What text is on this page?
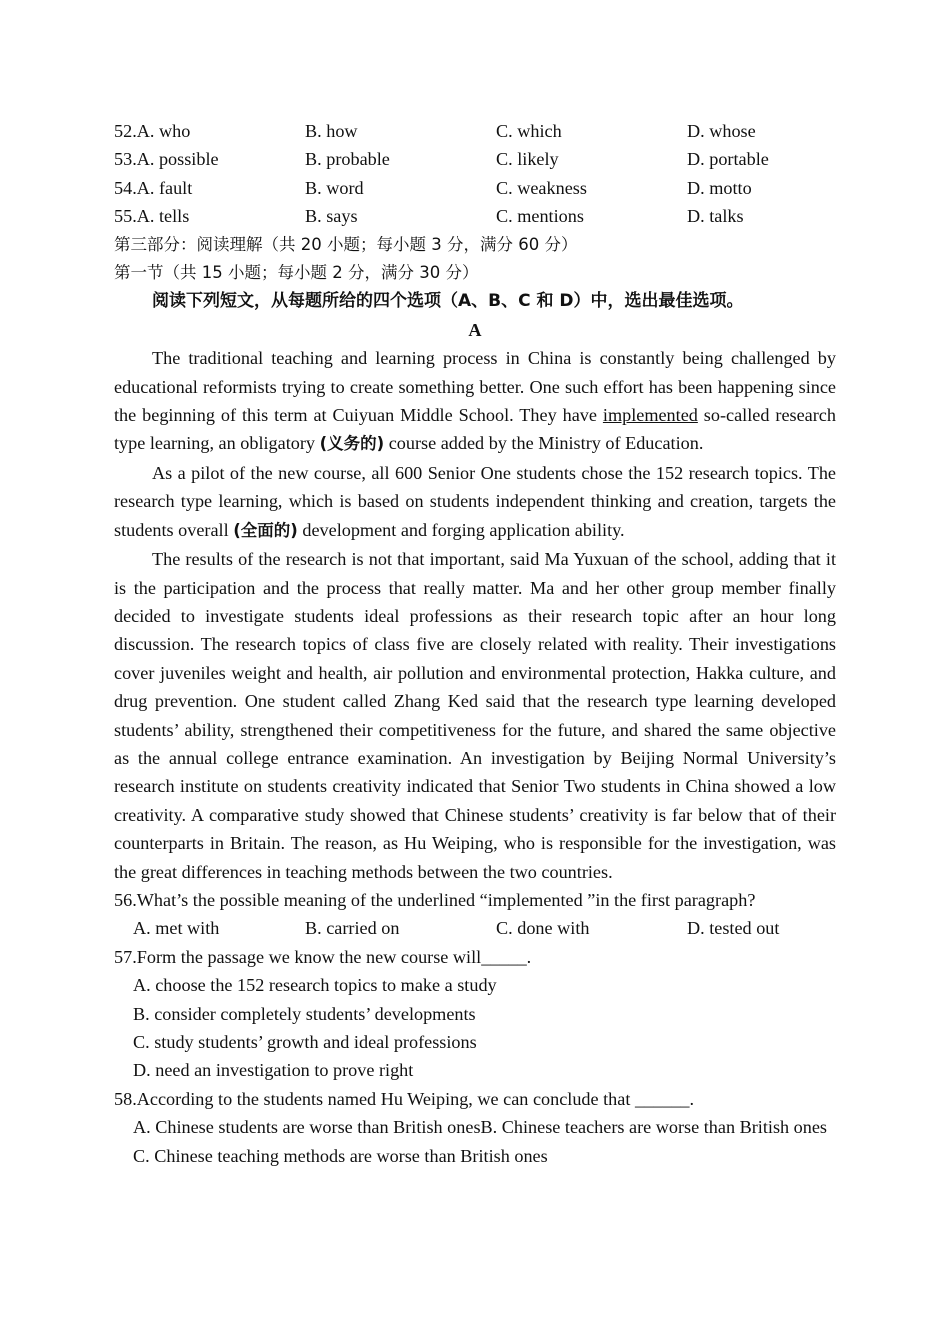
52.A. who	B. how	C. which	D. whose
53.A. possible	B. probable	C. likely	D. portable
54.A. fault	B. word	C. weakness	D. motto
55.A. tells	B. says	C. mentions	D. talks
第三部分：阅读理解（共 20 小题；每小题 3 分，满分 60 分）
第一节（共 15 小题；每小题 2 分，满分 30 分）
阅读下列短文，从每题所给的四个选项（A、B、C 和 D）中，选出最佳选项。
A
The traditional teaching and learning process in China is constantly being challenged by educational reformists trying to create something better. One such effort has been happening since the beginning of this term at Cuiyuan Middle School. They have implemented so-called research type learning, an obligatory (义务的) course added by the Ministry of Education.
As a pilot of the new course, all 600 Senior One students chose the 152 research topics. The research type learning, which is based on students independent thinking and creation, targets the students overall (全面的) development and forging application ability.
The results of the research is not that important, said Ma Yuxuan of the school, adding that it is the participation and the process that really matter. Ma and her other group member finally decided to investigate students ideal professions as their research topic after an hour long discussion. The research topics of class five are closely related with reality. Their investigations cover juveniles weight and health, air pollution and environmental protection, Hakka culture, and drug prevention. One student called Zhang Ked said that the research type learning developed students’ ability, strengthened their competitiveness for the future, and shared the same objective as the annual college entrance examination. An investigation by Beijing Normal University’s research institute on students creativity indicated that Senior Two students in China showed a low creativity. A comparative study showed that Chinese students’ creativity is far below that of their counterparts in Britain. The reason, as Hu Weiping, who is responsible for the investigation, was the great differences in teaching methods between the two countries.
56.What’s the possible meaning of the underlined “implemented ”in the first paragraph?
A. met with	B. carried on	C. done with	D. tested out
57.Form the passage we know the new course will_____.
A. choose the 152 research topics to make a study
B. consider completely students’ developments
C. study students’ growth and ideal professions
D. need an investigation to prove right
58.According to the students named Hu Weiping, we can conclude that ______.
A. Chinese students are worse than British onesB. Chinese teachers are worse than British ones
C. Chinese teaching methods are worse than British ones
